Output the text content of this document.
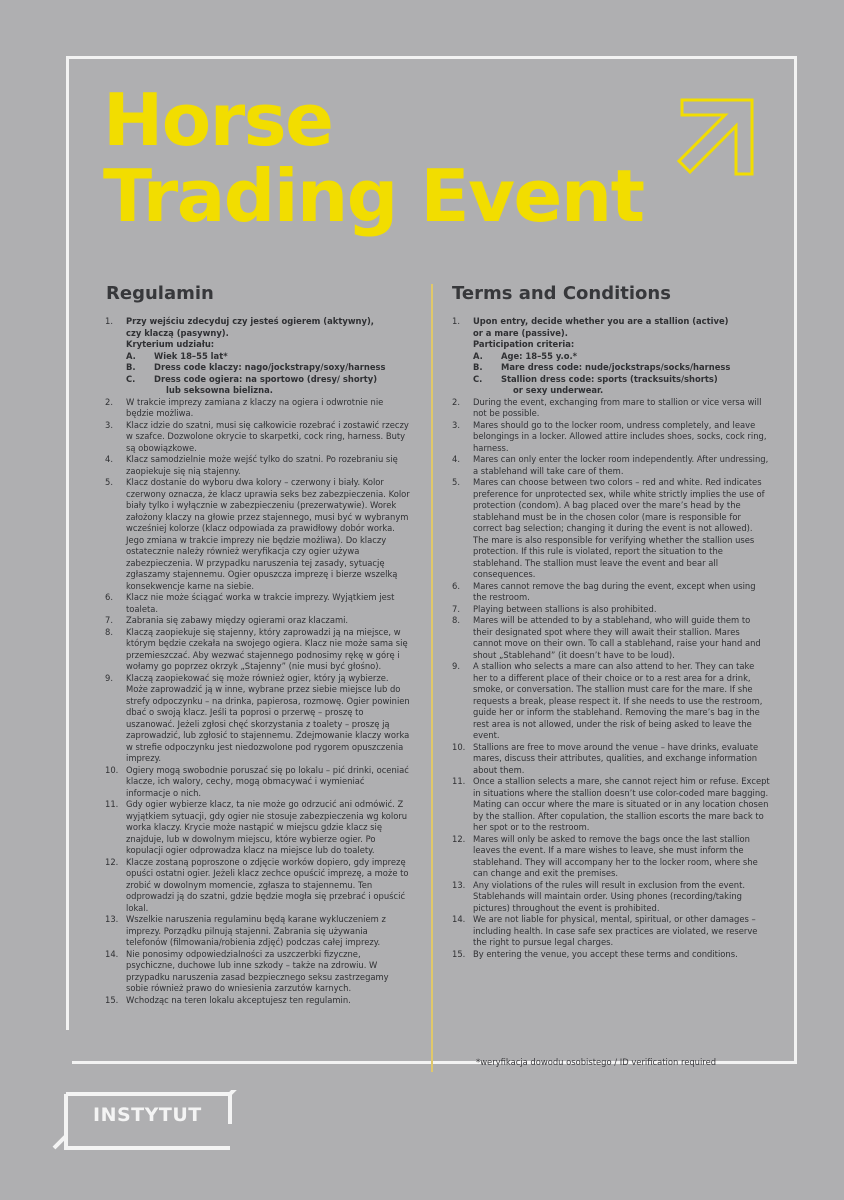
Horse
Trading Event
Regulamin	Terms and Conditions
1. Przy wejściu zdecyduj czy jesteś ogierem (aktywny),
czy klaczą (pasywny).
Kryterium udziału:
A.	Wiek 18–55 lat*
B.	Dress code klaczy: nago/jockstrapy/soxy/harness
C.	Dress code ogiera: na sportowo (dresy/ shorty)
lub seksowna bielizna.
2. W trakcie imprezy zamiana z klaczy na ogiera i odwrotnie nie będzie możliwa.
3. Klacz idzie do szatni, musi się całkowicie rozebrać i zostawić rzeczy w szafce. Dozwolone okrycie to skarpetki, cock ring, harness. Buty są obowiązkowe.
4. Klacz samodzielnie może wejść tylko do szatni. Po rozebraniu się zaopiekuje się nią stajenny.
5. Klacz dostanie do wyboru dwa kolory – czerwony i biały. Kolor czerwony oznacza, że klacz uprawia seks bez zabezpieczenia. Kolor biały tylko i wyłącznie w zabezpieczeniu (prezerwatywie). Worek założony klaczy na głowie przez stajennego, musi być w wybranym wcześniej kolorze (klacz odpowiada za prawidłowy dobór worka. Jego zmiana w trakcie imprezy nie będzie możliwa). Do klaczy ostatecznie należy również weryfikacja czy ogier używa zabezpieczenia. W przypadku naruszenia tej zasady, sytuację zgłaszamy stajennemu. Ogier opuszcza imprezę i bierze wszelką konsekwencje karne na siebie.
6. Klacz nie może ściągać worka w trakcie imprezy. Wyjątkiem jest toaleta.
7. Zabrania się zabawy między ogierami oraz klaczami.
8. Klaczą zaopiekuje się stajenny, który zaprowadzi ją na miejsce, w którym będzie czekała na swojego ogiera. Klacz nie może sama się przemieszczać. Aby wezwać stajennego podnosimy rękę w górę i wołamy go poprzez okrzyk „Stajenny” (nie musi być głośno).
9. Klaczą zaopiekować się może również ogier, który ją wybierze. Może zaprowadzić ją w inne, wybrane przez siebie miejsce lub do strefy odpoczynku – na drinka, papierosa, rozmowę. Ogier powinien dbać o swoją klacz. Jeśli ta poprosi o przerwę – proszę to uszanować. Jeżeli zgłosi chęć skorzystania z toalety – proszę ją zaprowadzić, lub zgłosić to stajennemu. Zdejmowanie klaczy worka w strefie odpoczynku jest niedozwolone pod rygorem opuszczenia imprezy.
10. Ogiery mogą swobodnie poruszać się po lokalu – pić drinki, oceniać klacze, ich walory, cechy, mogą obmacywać i wymieniać informacje o nich.
11. Gdy ogier wybierze klacz, ta nie może go odrzucić ani odmówić. Z wyjątkiem sytuacji, gdy ogier nie stosuje zabezpieczenia wg koloru worka klaczy. Krycie może nastąpić w miejscu gdzie klacz się znajduje, lub w dowolnym miejscu, które wybierze ogier. Po kopulacji ogier odprowadza klacz na miejsce lub do toalety.
12. Klacze zostaną poproszone o zdjęcie worków dopiero, gdy imprezę opuści ostatni ogier. Jeżeli klacz zechce opuścić imprezę, a może to zrobić w dowolnym momencie, zgłasza to stajennemu. Ten odprowadzi ją do szatni, gdzie będzie mogła się przebrać i opuścić lokal.
13. Wszelkie naruszenia regulaminu będą karane wykluczeniem z imprezy. Porządku pilnują stajenni. Zabrania się używania telefonów (filmowania/robienia zdjęć) podczas całej imprezy.
14. Nie ponosimy odpowiedzialności za uszczerbki fizyczne, psychiczne, duchowe lub inne szkody – także na zdrowiu. W przypadku naruszenia zasad bezpiecznego seksu zastrzegamy sobie również prawo do wniesienia zarzutów karnych.
15. Wchodząc na teren lokalu akceptujesz ten regulamin.
1. Upon entry, decide whether you are a stallion (active)
or a mare (passive).
Participation criteria:
A.	Age: 18–55 y.o.*
B.	Mare dress code: nude/jockstraps/socks/harness
C.	Stallion dress code: sports (tracksuits/shorts)
or sexy underwear.
2. During the event, exchanging from mare to stallion or vice versa will not be possible.
3. Mares should go to the locker room, undress completely, and leave belongings in a locker. Allowed attire includes shoes, socks, cock ring, harness.
4. Mares can only enter the locker room independently. After undressing, a stablehand will take care of them.
5. Mares can choose between two colors – red and white. Red indicates preference for unprotected sex, while white strictly implies the use of protection (condom). A bag placed over the mare’s head by the stablehand must be in the chosen color (mare is responsible for correct bag selection; changing it during the event is not allowed). The mare is also responsible for verifying whether the stallion uses protection. If this rule is violated, report the situation to the stablehand. The stallion must leave the event and bear all consequences.
6. Mares cannot remove the bag during the event, except when using the restroom.
7. Playing between stallions is also prohibited.
8. Mares will be attended to by a stablehand, who will guide them to their designated spot where they will await their stallion. Mares cannot move on their own. To call a stablehand, raise your hand and shout „Stablehand” (it doesn’t have to be loud).
9. A stallion who selects a mare can also attend to her. They can take her to a different place of their choice or to a rest area for a drink, smoke, or conversation. The stallion must care for the mare. If she requests a break, please respect it. If she needs to use the restroom, guide her or inform the stablehand. Removing the mare’s bag in the rest area is not allowed, under the risk of being asked to leave the event.
10. Stallions are free to move around the venue – have drinks, evaluate mares, discuss their attributes, qualities, and exchange information about them.
11. Once a stallion selects a mare, she cannot reject him or refuse. Except in situations where the stallion doesn’t use color-coded mare bagging. Mating can occur where the mare is situated or in any location chosen by the stallion. After copulation, the stallion escorts the mare back to her spot or to the restroom.
12. Mares will only be asked to remove the bags once the last stallion leaves the event. If a mare wishes to leave, she must inform the stablehand. They will accompany her to the locker room, where she can change and exit the premises.
13. Any violations of the rules will result in exclusion from the event. Stablehands will maintain order. Using phones (recording/taking pictures) throughout the event is prohibited.
14. We are not liable for physical, mental, spiritual, or other damages – including health. In case safe sex practices are violated, we reserve the right to pursue legal charges.
15. By entering the venue, you accept these terms and conditions.
*weryfikacja dowodu osobistego / ID verification required
INSTYTUT
